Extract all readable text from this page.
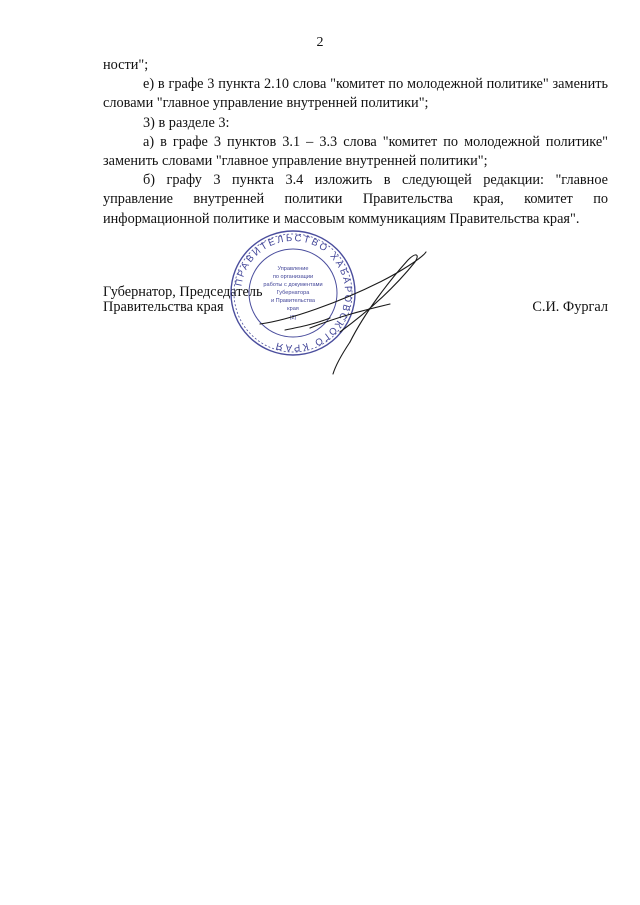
2

ности";

е) в графе 3 пункта 2.10 слова "комитет по молодежной политике" заменить словами "главное управление внутренней политики";

3) в разделе 3:

а) в графе 3 пунктов 3.1 – 3.3 слова "комитет по молодежной политике" заменить словами "главное управление внутренней политики";

б) графу 3 пункта 3.4 изложить в следующей редакции: "главное управление внутренней политики Правительства края, комитет по информационной политике и массовым коммуникациям Правительства края".

Губернатор, Председатель
Правительства края	С.И. Фургал
ПРАВИТЕЛЬСТВО ХАБАРОВСКОГО КРАЯ
Управление
по организации
работы с документами
Губернатора
и Правительства
края
(2)
